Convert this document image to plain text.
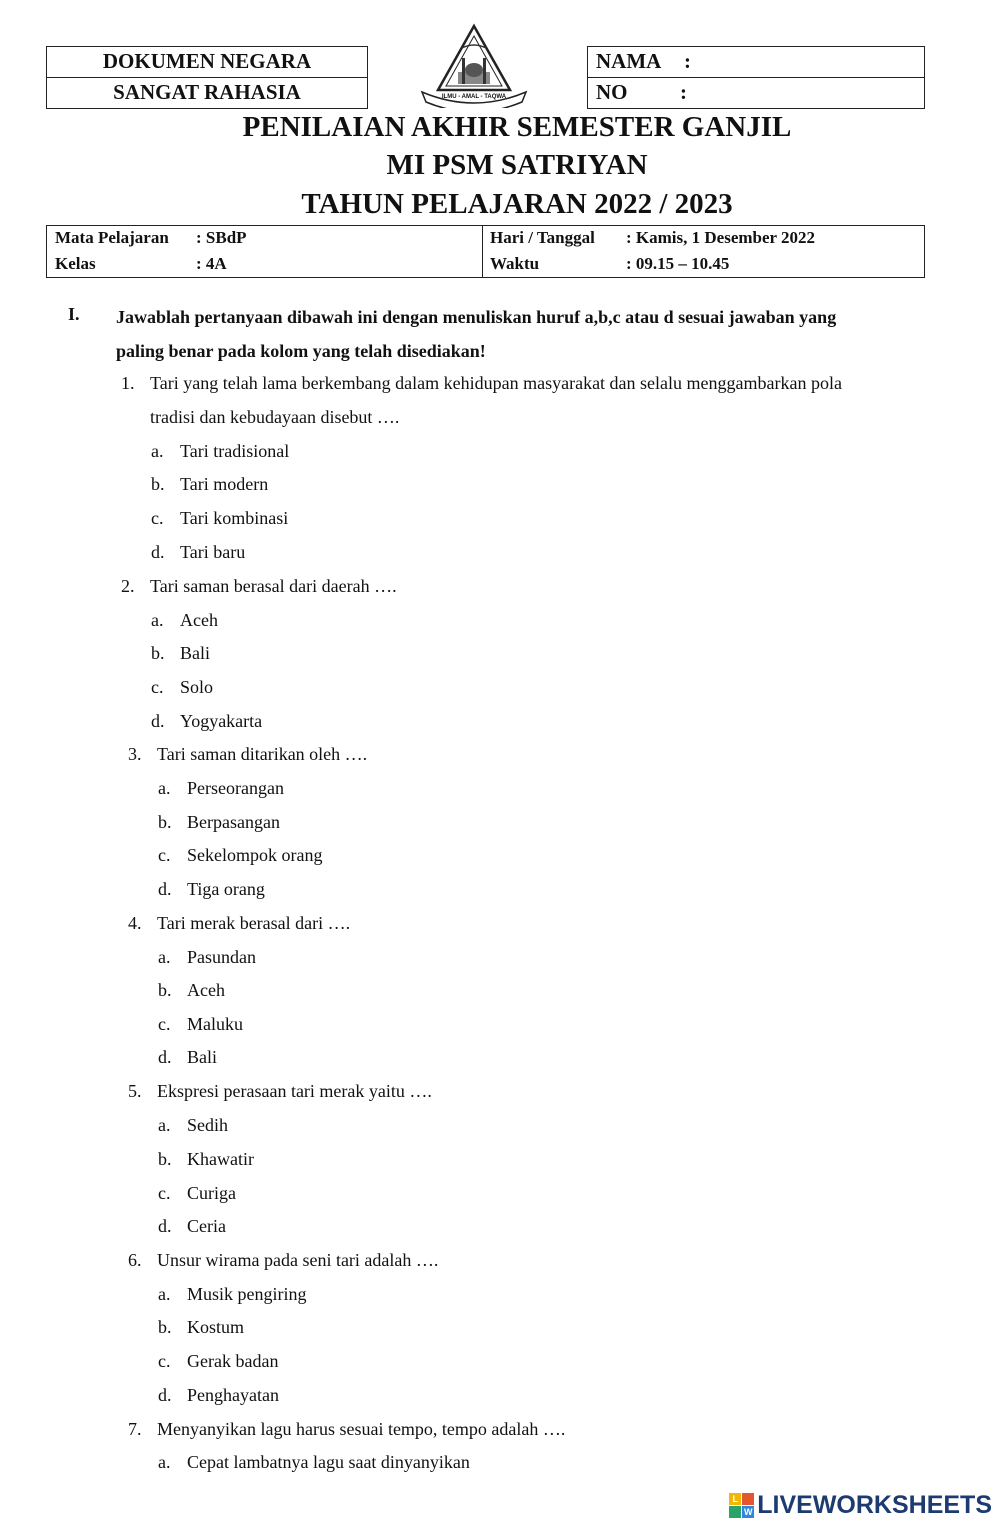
DOKUMEN NEGARA
SANGAT RAHASIA	ILMU - AMAL - TAQWA
NAMA :
NO	:
PENILAIAN AKHIR SEMESTER GANJIL
MI PSM SATRIYAN
TAHUN PELAJARAN 2022 / 2023
Mata Pelajaran : SBdP
Kelas	: 4A
Hari / Tanggal : Kamis, 1 Desember 2022
Waktu	: 09.15 – 10.45
I. Jawablah pertanyaan dibawah ini dengan menuliskan huruf a,b,c atau d sesuai jawaban yang
paling benar pada kolom yang telah disediakan!
1. Tari yang telah lama berkembang dalam kehidupan masyarakat dan selalu menggambarkan pola
tradisi dan kebudayaan disebut ….
a. Tari tradisional
b. Tari modern
c. Tari kombinasi
d. Tari baru
2. Tari saman berasal dari daerah ….
a. Aceh
b. Bali
c. Solo
d. Yogyakarta
3. Tari saman ditarikan oleh ….
a. Perseorangan
b. Berpasangan
c. Sekelompok orang
d. Tiga orang
4. Tari merak berasal dari ….
a. Pasundan
b. Aceh
c. Maluku
d. Bali
5. Ekspresi perasaan tari merak yaitu ….
a. Sedih
b. Khawatir
c. Curiga
d. Ceria
6. Unsur wirama pada seni tari adalah ….
a. Musik pengiring
b. Kostum
c. Gerak badan
d. Penghayatan
7. Menyanyikan lagu harus sesuai tempo, tempo adalah ….
a. Cepat lambatnya lagu saat dinyanyikan
L
W LIVEWORKSHEETS
